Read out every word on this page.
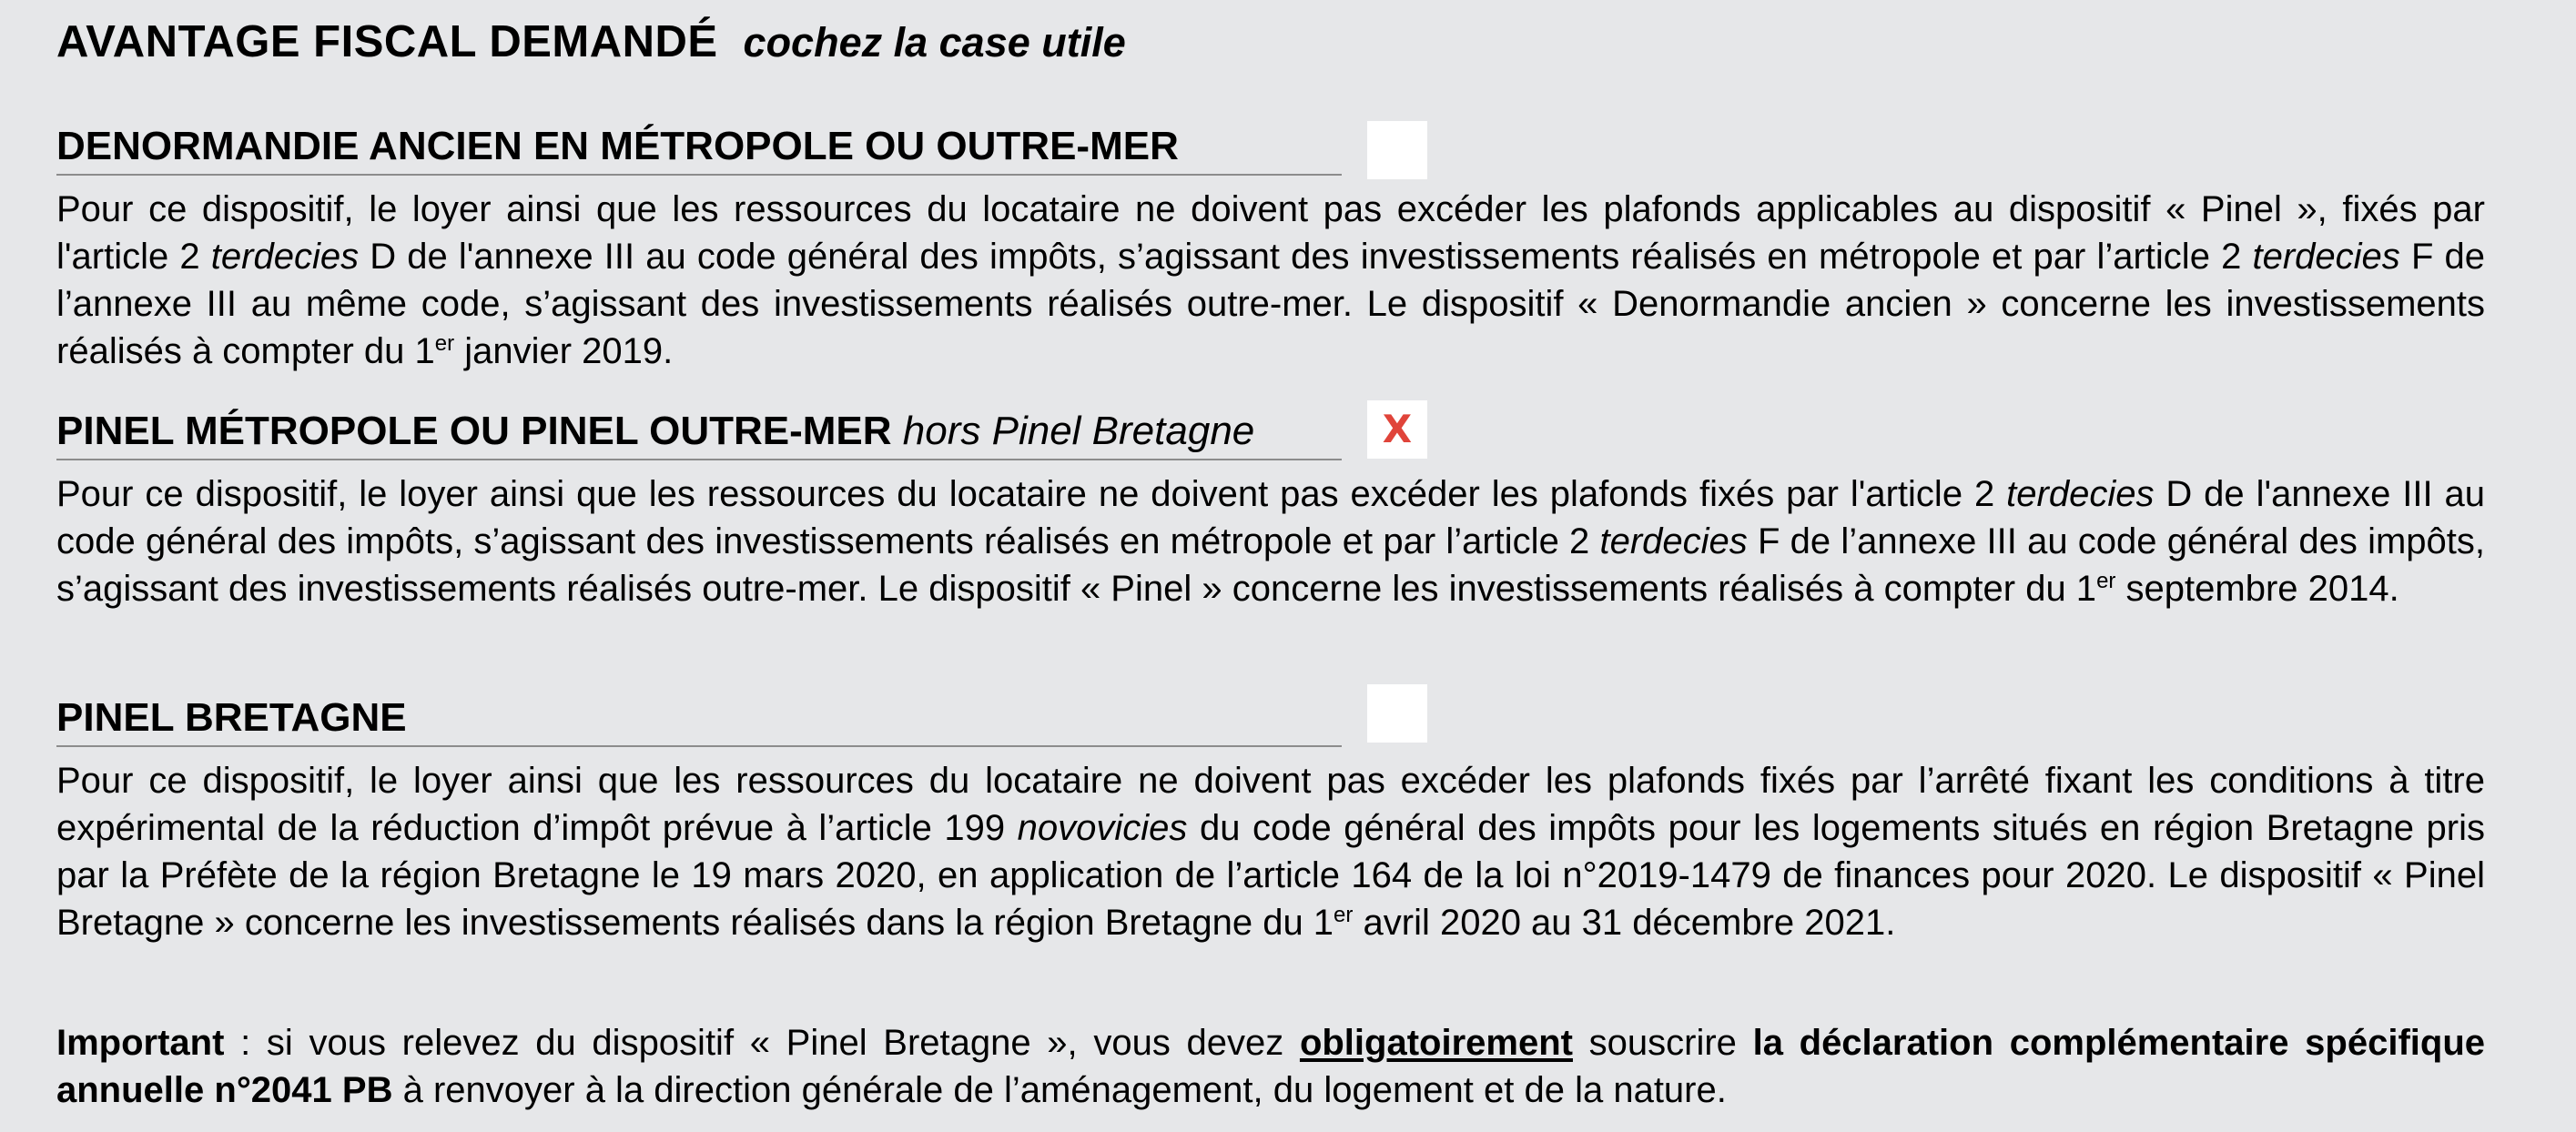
AVANTAGE FISCAL DEMANDÉ cochez la case utile
DENORMANDIE ANCIEN EN MÉTROPOLE OU OUTRE-MER

Pour ce dispositif, le loyer ainsi que les ressources du locataire ne doivent pas excéder les plafonds applicables au dispositif « Pinel », fixés par l'article 2 terdecies D de l'annexe III au code général des impôts, s’agissant des investissements réalisés en métropole et par l’article 2 terdecies F de l’annexe III au même code, s’agissant des investissements réalisés outre-mer. Le dispositif « Denormandie ancien » concerne les investissements réalisés à compter du 1er janvier 2019.

PINEL MÉTROPOLE OU PINEL OUTRE-MER hors Pinel Bretagne	X

Pour ce dispositif, le loyer ainsi que les ressources du locataire ne doivent pas excéder les plafonds fixés par l'article 2 terdecies D de l'annexe III au code général des impôts, s’agissant des investissements réalisés en métropole et par l’article 2 terdecies F de l’annexe III au code général des impôts, s’agissant des investissements réalisés outre-mer. Le dispositif « Pinel » concerne les investissements réalisés à compter du 1er septembre 2014.

PINEL BRETAGNE

Pour ce dispositif, le loyer ainsi que les ressources du locataire ne doivent pas excéder les plafonds fixés par l’arrêté fixant les conditions à titre expérimental de la réduction d’impôt prévue à l’article 199 novovicies du code général des impôts pour les logements situés en région Bretagne pris par la Préfète de la région Bretagne le 19 mars 2020, en application de l’article 164 de la loi n°2019-1479 de finances pour 2020. Le dispositif « Pinel Bretagne » concerne les investissements réalisés dans la région Bretagne du 1er avril 2020 au 31 décembre 2021.

Important : si vous relevez du dispositif « Pinel Bretagne », vous devez obligatoirement souscrire la déclaration complémentaire spécifique annuelle n°2041 PB à renvoyer à la direction générale de l’aménagement, du logement et de la nature.
